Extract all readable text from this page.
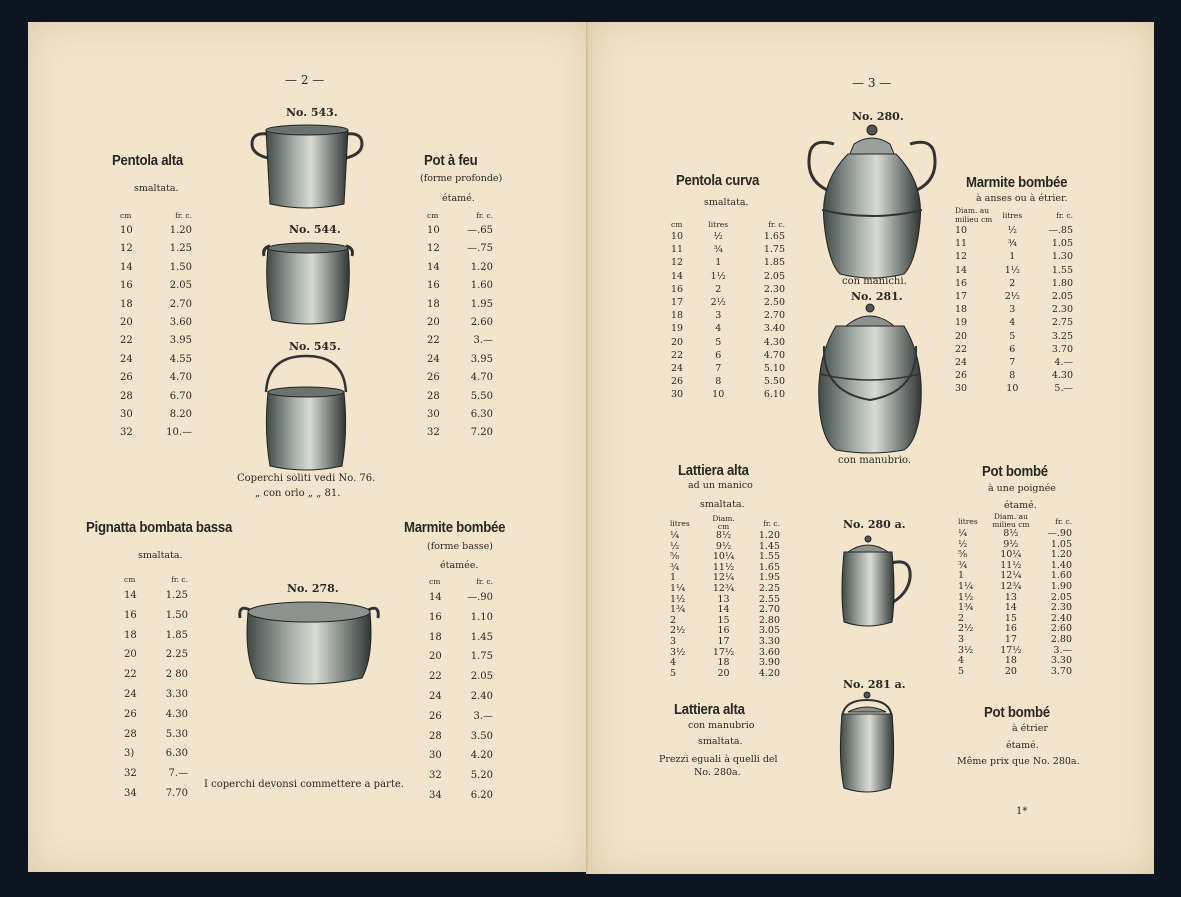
— 2 —
Pentola alta
smaltata.
cm	fr. c.
10	1.20
12	1.25
14	1.50
16	2.05
18	2.70
20	3.60
22	3.95
24	4.55
26	4.70
28	6.70
30	8.20
32	10.—
Pot à feu
(forme profonde)
étamé.
cm	fr. c.
10	—.65
12	—.75
14	1.20
16	1.60
18	1.95
20	2.60
22	3.—
24	3.95
26	4.70
28	5.50
30	6.30
32	7.20
No. 543.
No. 544.
No. 545.
Coperchi soliti vedi No. 76.
„ con orlo „ „ 81.
Pignatta bombata bassa
smaltata.
cm	fr. c.
14	1.25
16	1.50
18	1.85
20	2.25
22	2 80
24	3.30
26	4.30
28	5.30
3)	6.30
32	7.—
34	7.70
No. 278.
Marmite bombée
(forme basse)
étamée.
cm	fr. c.
14	—.90
16	1.10
18	1.45
20	1.75
22	2.05
24	2.40
26	3.—
28	3.50
30	4.20
32	5.20
34	6.20
I coperchi devonsi commettere a parte.
— 3 —
Pentola curva
smaltata.
cm	litres	fr. c.
10	½	1.65
11	¾	1.75
12	1	1.85
14	1½	2.05
16	2	2.30
17	2½	2.50
18	3	2.70
19	4	3.40
20	5	4.30
22	6	4.70
24	7	5.10
26	8	5.50
30	10	6.10
No. 280.
con manichi.
No. 281.
con manubrio.
Marmite bombée
à anses ou à étrier.
Diam. au milieu cm	litres	fr. c.
10	½	—.85
11	¾	1.05
12	1	1.30
14	1½	1.55
16	2	1.80
17	2½	2.05
18	3	2.30
19	4	2.75
20	5	3.25
22	6	3.70
24	7	4.—
26	8	4.30
30	10	5.—
Lattiera alta
ad un manico
smaltata.
litres	Diam. cm	fr. c.
¼	8½	1.20
½	9½	1.45
⅝	10¼	1.55
¾	11½	1.65
1	12¼	1.95
1¼	12¾	2.25
1½	13	2.55
1¾	14	2.70
2	15	2.80
2½	16	3.05
3	17	3.30
3½	17½	3.60
4	18	3.90
5	20	4.20
No. 280 a.
No. 281 a.
Pot bombé
à une poignée
étamé.
litres	Diam. au milieu cm	fr. c.
¼	8½	—.90
½	9½	1.05
⅝	10¼	1.20
¾	11½	1.40
1	12¼	1.60
1¼	12¾	1.90
1½	13	2.05
1¾	14	2.30
2	15	2.40
2½	16	2.60
3	17	2.80
3½	17½	3.—
4	18	3.30
5	20	3.70
Lattiera alta
con manubrio
smaltata.
Prezzi eguali à quelli del
No. 280a.
Pot bombé
à étrier
étamé.
Même prix que No. 280a.
1*
